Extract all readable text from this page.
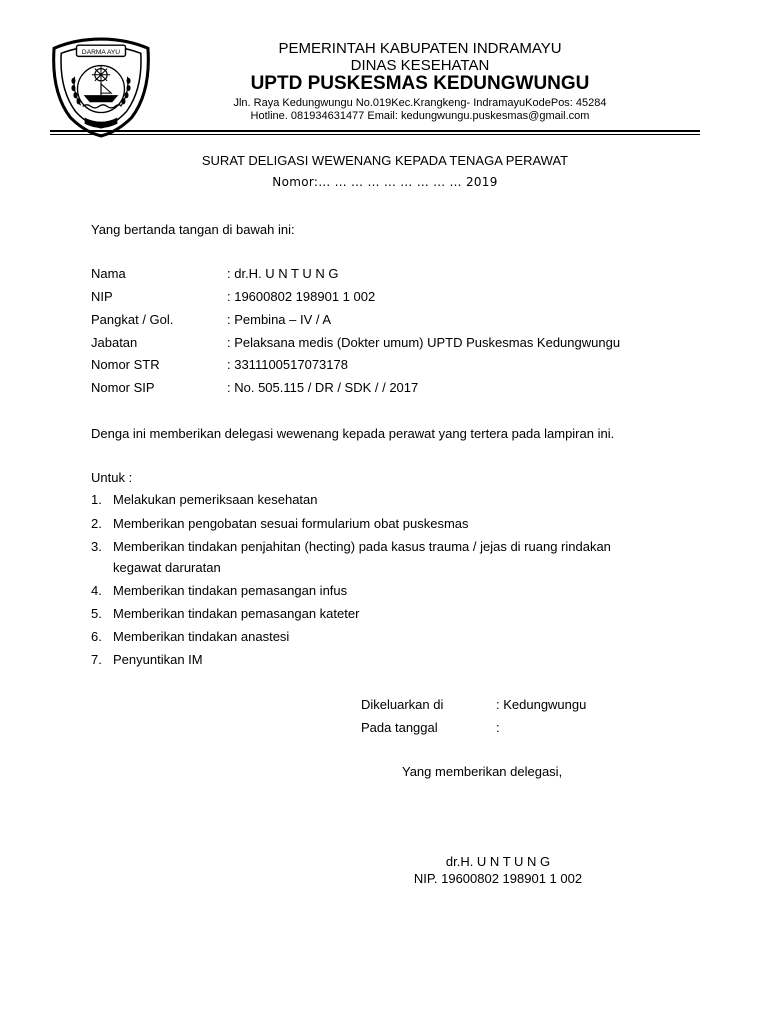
DARMA AYU	PEMERINTAH KABUPATEN INDRAMAYU
DINAS KESEHATAN
UPTD PUSKESMAS KEDUNGWUNGU
Jln. Raya Kedungwungu No.019Kec.Krangkeng- IndramayuKodePos: 45284
Hotline. 081934631477 Email: kedungwungu.puskesmas@gmail.com
SURAT DELIGASI WEWENANG KEPADA TENAGA PERAWAT
Nomor:… … … … … … … … … 2019
Yang bertanda tangan di bawah ini:
Nama	: dr.H. U N T U N G
NIP	: 19600802 198901 1 002
Pangkat / Gol.	: Pembina – IV / A
Jabatan	: Pelaksana medis (Dokter umum) UPTD Puskesmas Kedungwungu
Nomor STR	: 3311100517073178
Nomor SIP	: No. 505.115 / DR / SDK / / 2017
Denga ini memberikan delegasi wewenang kepada perawat yang tertera pada lampiran ini.
Untuk :
1. Melakukan pemeriksaan kesehatan
2. Memberikan pengobatan sesuai formularium obat puskesmas
3. Memberikan tindakan penjahitan (hecting) pada kasus trauma / jejas di ruang rindakan
kegawat daruratan
4. Memberikan tindakan pemasangan infus
5. Memberikan tindakan pemasangan kateter
6. Memberikan tindakan anastesi
7. Penyuntikan IM
Dikeluarkan di	: Kedungwungu
Pada tanggal	:
Yang memberikan delegasi,
dr.H. U N T U N G
NIP. 19600802 198901 1 002
